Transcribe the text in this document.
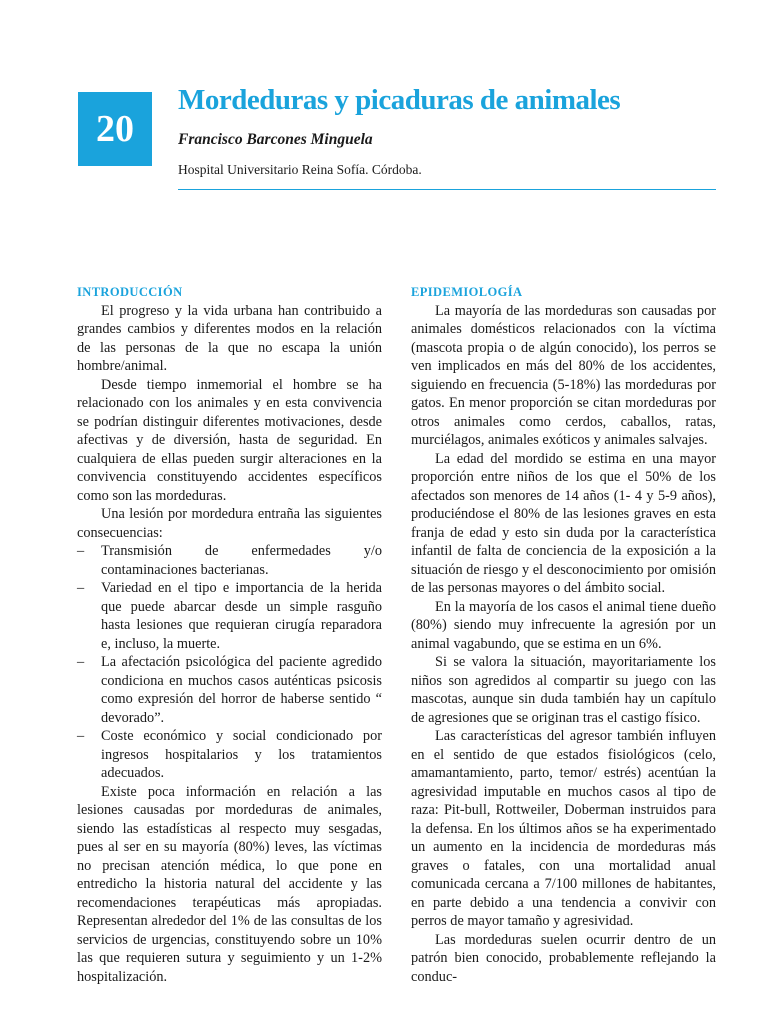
20
Mordeduras y picaduras de animales
Francisco Barcones Minguela
Hospital Universitario Reina Sofía. Córdoba.
INTRODUCCIÓN

El progreso y la vida urbana han contribuido a grandes cambios y diferentes modos en la relación de las personas de la que no escapa la unión hombre/animal.

Desde tiempo inmemorial el hombre se ha relacionado con los animales y en esta convivencia se podrían distinguir diferentes motivaciones, desde afectivas y de diversión, hasta de seguridad. En cualquiera de ellas pueden surgir alteraciones en la convivencia constituyendo accidentes específicos como son las mordeduras.

Una lesión por mordedura entraña las siguientes consecuencias:

– Transmisión de enfermedades y/o contaminaciones bacterianas.
– Variedad en el tipo e importancia de la herida que puede abarcar desde un simple rasguño hasta lesiones que requieran cirugía reparadora e, incluso, la muerte.
– La afectación psicológica del paciente agredido condiciona en muchos casos auténticas psicosis como expresión del horror de haberse sentido “ devorado”.
– Coste económico y social condicionado por ingresos hospitalarios y los tratamientos adecuados.

Existe poca información en relación a las lesiones causadas por mordeduras de animales, siendo las estadísticas al respecto muy sesgadas, pues al ser en su mayoría (80%) leves, las víctimas no precisan atención médica, lo que pone en entredicho la historia natural del accidente y las recomendaciones terapéuticas más apropiadas. Representan alrededor del 1% de las consultas de los servicios de urgencias, constituyendo sobre un 10% las que requieren sutura y seguimiento y un 1-2% hospitalización.

EPIDEMIOLOGÍA

La mayoría de las mordeduras son causadas por animales domésticos relacionados con la víctima (mascota propia o de algún conocido), los perros se ven implicados en más del 80% de los accidentes, siguiendo en frecuencia (5-18%) las mordeduras por gatos. En menor proporción se citan mordeduras por otros animales como cerdos, caballos, ratas, murciélagos, animales exóticos y animales salvajes.

La edad del mordido se estima en una mayor proporción entre niños de los que el 50% de los afectados son menores de 14 años (1- 4 y 5-9 años), produciéndose el 80% de las lesiones graves en esta franja de edad y esto sin duda por la característica infantil de falta de conciencia de la exposición a la situación de riesgo y el desconocimiento por omisión de las personas mayores o del ámbito social.

En la mayoría de los casos el animal tiene dueño (80%) siendo muy infrecuente la agresión por un animal vagabundo, que se estima en un 6%.

Si se valora la situación, mayoritariamente los niños son agredidos al compartir su juego con las mascotas, aunque sin duda también hay un capítulo de agresiones que se originan tras el castigo físico.

Las características del agresor también influyen en el sentido de que estados fisiológicos (celo, amamantamiento, parto, temor/ estrés) acentúan la agresividad imputable en muchos casos al tipo de raza: Pit-bull, Rottweiler, Doberman instruidos para la defensa. En los últimos años se ha experimentado un aumento en la incidencia de mordeduras más graves o fatales, con una mortalidad anual comunicada cercana a 7/100 millones de habitantes, en parte debido a una tendencia a convivir con perros de mayor tamaño y agresividad.

Las mordeduras suelen ocurrir dentro de un patrón bien conocido, probablemente reflejando la conduc-
